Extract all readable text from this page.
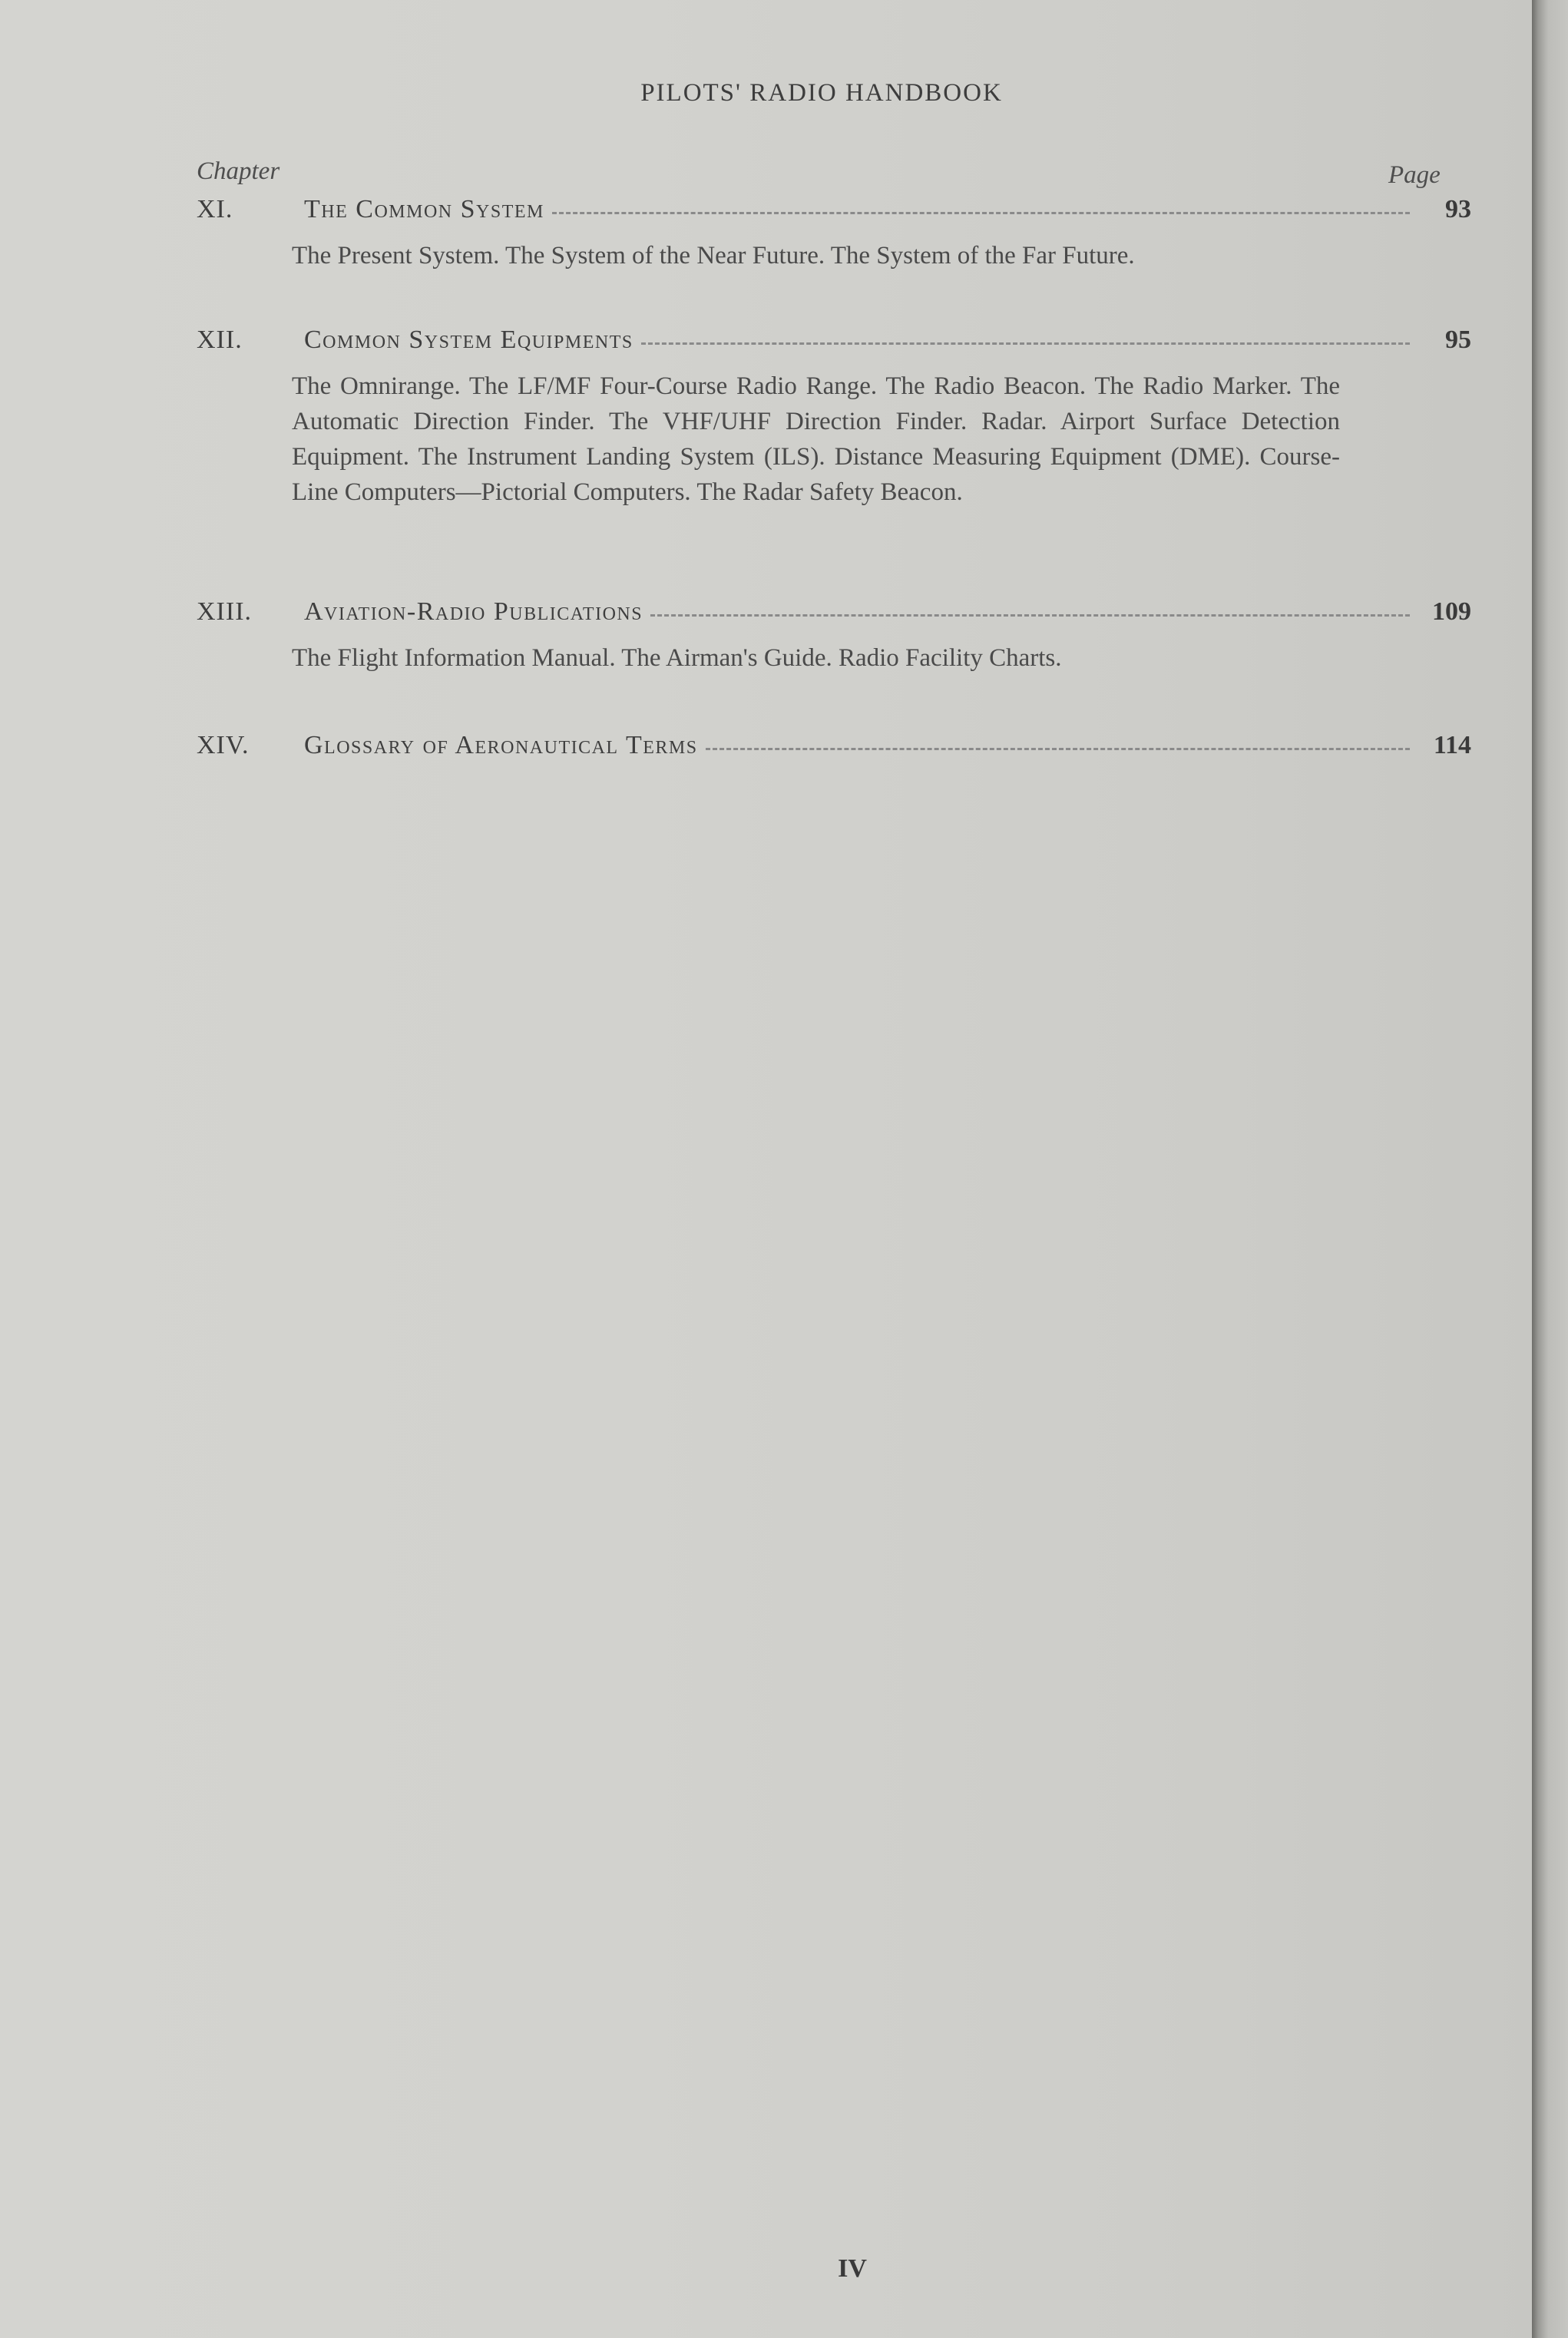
PILOTS' RADIO HANDBOOK
Chapter	Page
XI.	The Common System	93
The Present System. The System of the Near Future. The System of the Far Future.
XII.	Common System Equipments	95
The Omnirange. The LF/MF Four-Course Radio Range. The Radio Beacon. The Radio Marker. The Automatic Direction Finder. The VHF/UHF Direction Finder. Radar. Airport Surface Detection Equipment. The Instrument Landing System (ILS). Distance Measuring Equipment (DME). Course-Line Computers—Pictorial Computers. The Radar Safety Beacon.
XIII.	Aviation-Radio Publications	109
The Flight Information Manual. The Airman's Guide. Radio Facility Charts.
XIV.	Glossary of Aeronautical Terms	114
IV
